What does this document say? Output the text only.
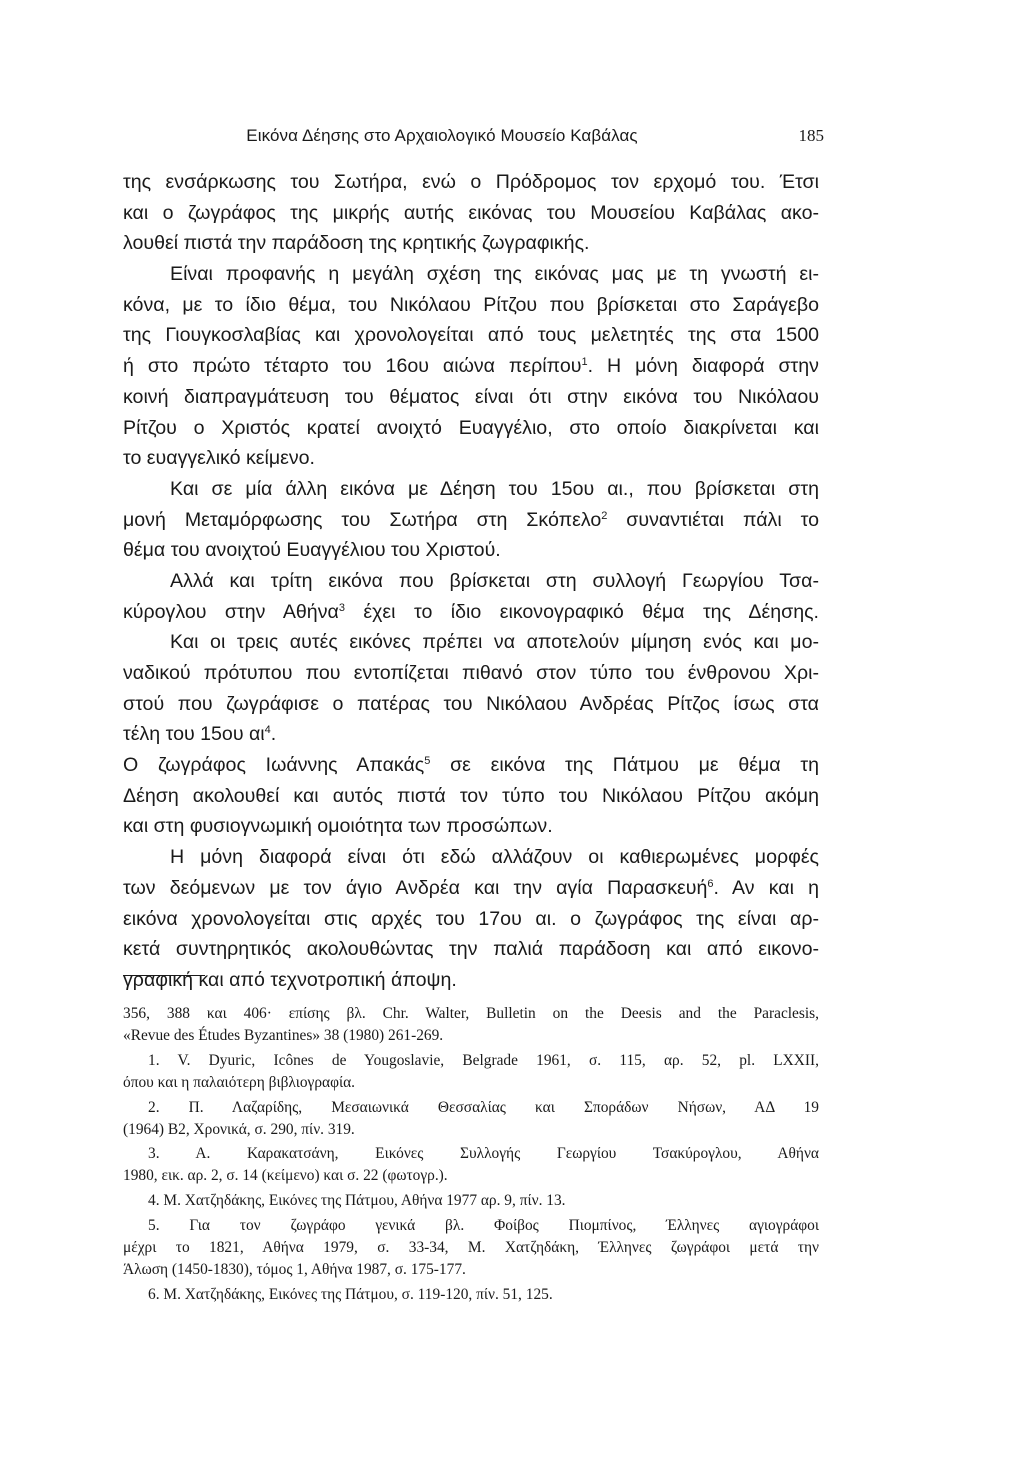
Εικόνα Δέησης στο Αρχαιολογικό Μουσείο Καβάλας	185
της ενσάρκωσης του Σωτήρα, ενώ ο Πρόδρομος τον ερχομό του. Έτσι
και ο ζωγράφος της μικρής αυτής εικόνας του Μουσείου Καβάλας ακο-
λουθεί πιστά την παράδοση της κρητικής ζωγραφικής.
Είναι προφανής η μεγάλη σχέση της εικόνας μας με τη γνωστή ει-
κόνα, με το ίδιο θέμα, του Νικόλαου Ρίτζου που βρίσκεται στο Σαράγεβο
της Γιουγκοσλαβίας και χρονολογείται από τους μελετητές της στα 1500
ή στο πρώτο τέταρτο του 16ου αιώνα περίπου$^1$. Η μόνη διαφορά στην
κοινή διαπραγμάτευση του θέματος είναι ότι στην εικόνα του Νικόλαου
Ρίτζου ο Χριστός κρατεί ανοιχτό Ευαγγέλιο, στο οποίο διακρίνεται και
το ευαγγελικό κείμενο.
Και σε μία άλλη εικόνα με Δέηση του 15ου αι., που βρίσκεται στη
μονή Μεταμόρφωσης του Σωτήρα στη Σκόπελο$^2$ συναντιέται πάλι το
θέμα του ανοιχτού Ευαγγέλιου του Χριστού.
Αλλά και τρίτη εικόνα που βρίσκεται στη συλλογή Γεωργίου Τσα-
κύρογλου στην Αθήνα$^3$ έχει το ίδιο εικονογραφικό θέμα της Δέησης.
Και οι τρεις αυτές εικόνες πρέπει να αποτελούν μίμηση ενός και μο-
ναδικού πρότυπου που εντοπίζεται πιθανό στον τύπο του ένθρονου Χρι-
στού που ζωγράφισε ο πατέρας του Νικόλαου Ανδρέας Ρίτζος ίσως στα
τέλη του 15ου $\alpha\iota^4$.
Ο ζωγράφος Ιωάννης Απακάς$^5$ σε εικόνα της Πάτμου με θέμα τη
Δέηση ακολουθεί και αυτός πιστά τον τύπο του Νικόλαου Ρίτζου ακόμη
και στη φυσιογνωμική ομοιότητα των προσώπων.
Η μόνη διαφορά είναι ότι εδώ αλλάζουν οι καθιερωμένες μορφές
των δεόμενων με τον άγιο Ανδρέα και την αγία Παρασκευή$^6$. Αν και η
εικόνα χρονολογείται στις αρχές του 17ου αι. ο ζωγράφος της είναι αρ-
κετά συντηρητικός ακολουθώντας την παλιά παράδοση και από εικονο-
γραφική και από τεχνοτροπική άποψη.
356, 388 και 406· επίσης βλ. Chr. Walter, Bulletin on the Deesis and the Paraclesis,
«Revue des Études Byzantines» 38 (1980) 261-269.
1. V. Dyuric, Icônes de Yougoslavie, Belgrade 1961, σ. 115, αρ. 52, pl. LXXII,
όπου και η παλαιότερη βιβλιογραφία.
2. Π. Λαζαρίδης, Μεσαιωνικά Θεσσαλίας και Σποράδων Νήσων, ΑΔ 19
(1964) Β2, Χρονικά, σ. 290, πίν. 319.
3. Α. Καρακατσάνη, Εικόνες Συλλογής Γεωργίου Τσακύρογλου, Αθήνα
1980, εικ. αρ. 2, σ. 14 (κείμενο) και σ. 22 (φωτογρ.).
4. Μ. Χατζηδάκης, Εικόνες της Πάτμου, Αθήνα 1977 αρ. 9, πίν. 13.
5. Για τον ζωγράφο γενικά βλ. Φοίβος Πιομπίνος, Έλληνες αγιογράφοι
μέχρι το 1821, Αθήνα 1979, σ. 33-34, Μ. Χατζηδάκη, Έλληνες ζωγράφοι μετά την
Άλωση (1450-1830), τόμος 1, Αθήνα 1987, σ. 175-177.
6. Μ. Χατζηδάκης, Εικόνες της Πάτμου, σ. 119-120, πίν. 51, 125.
